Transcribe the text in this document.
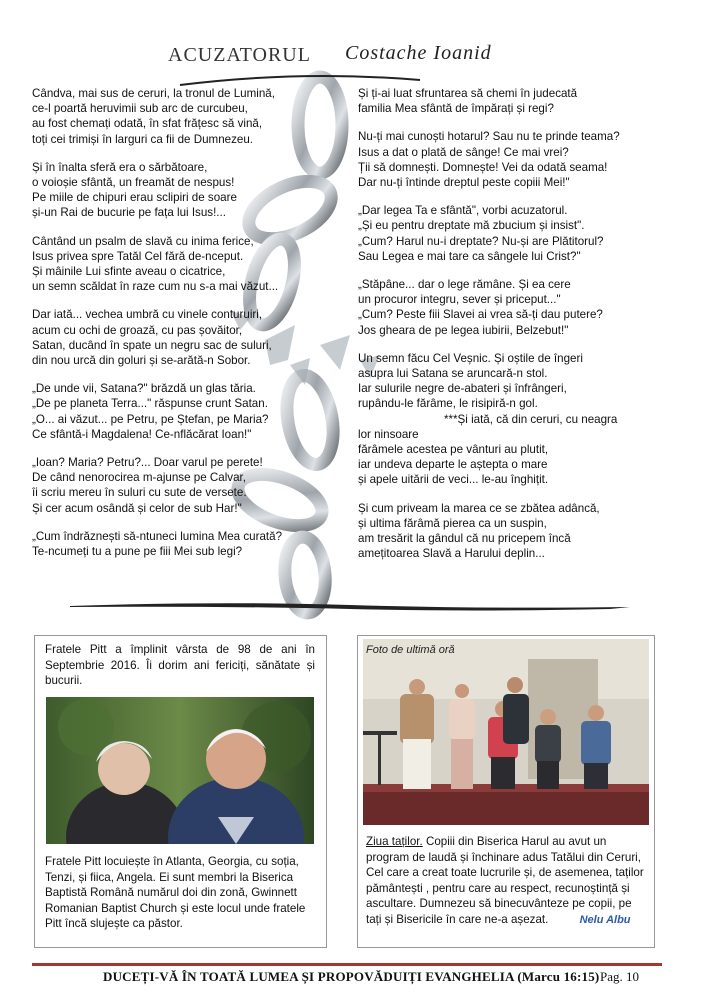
ACUZATORUL Costache Ioanid

Cândva, mai sus de ceruri, la tronul de Lumină,
ce-l poartă heruvimii sub arc de curcubeu,
au fost chemați odată, în sfat frățesc să vină,
toți cei trimiși în larguri ca fii de Dumnezeu.

Și în înalta sferă era o sărbătoare,
o voioșie sfântă, un freamăt de nespus!
Pe miile de chipuri erau sclipiri de soare
și-un Rai de bucurie pe fața lui Isus!...

Cântând un psalm de slavă cu inima ferice,
Isus privea spre Tatăl Cel fără de-nceput.
Și mâinile Lui sfinte aveau o cicatrice,
un semn scăldat în raze cum nu s-a mai văzut...

Dar iată... vechea umbră cu vinele conturuiri,
acum cu ochi de groază, cu pas șovăitor,
Satan, ducând în spate un negru sac de suluri,
din nou urcă din goluri și se-arătă-n Sobor.

„De unde vii, Satana?" brăzdă un glas tăria.
„De pe planeta Terra..." răspunse crunt Satan.
„O... ai văzut... pe Petru, pe Ștefan, pe Maria?
Ce sfântă-i Magdalena! Ce-nflăcărat Ioan!"

„Ioan? Maria? Petru?... Doar varul pe perete!
De când nenorocirea m-ajunse pe Calvar,
îi scriu mereu în suluri cu sute de versete.
Și cer acum osândă și celor de sub Har!"

„Cum îndrăznești să-ntuneci lumina Mea curată?
Te-ncumeți tu a pune pe fiii Mei sub legi?

Și ți-ai luat sfruntarea să chemi în judecată
familia Mea sfântă de împărați și regi?

Nu-ți mai cunoști hotarul? Sau nu te prinde teama?
Isus a dat o plată de sânge! Ce mai vrei?
Ții să domnești. Domnește! Vei da odată seama!
Dar nu-ți întinde dreptul peste copiii Mei!"

„Dar legea Ta e sfântă", vorbi acuzatorul.
„Și eu pentru dreptate mă zbucium și insist".
„Cum? Harul nu-i dreptate? Nu-și are Plătitorul?
Sau Legea e mai tare ca sângele lui Crist?"

„Stăpâne... dar o lege rămâne. Și ea cere
un procuror integru, sever și priceput..."
„Cum? Peste fiii Slavei ai vrea să-ți dau putere?
Jos gheara de pe legea iubirii, Belzebut!"

Un semn făcu Cel Veșnic. Și oștile de îngeri
asupra lui Satana se aruncară-n stol.
Iar sulurile negre de-abateri și înfrângeri,
rupându-le fărâme, le risipiră-n gol.
***Și iată, că din ceruri, cu neagra

lor ninsoare
fărâmele acestea pe vânturi au plutit,
iar undeva departe le aștepta o mare
și apele uitării de veci... le-au înghițit.

Și cum priveam la marea ce se zbătea adâncă,
și ultima fărâmă pierea ca un suspin,
am tresărit la gândul că nu pricepem încă
amețitoarea Slavă a Harului deplin...

Fratele Pitt a împlinit vârsta de 98 de ani în Septembrie 2016. Îi dorim ani fericiți, sănătate și bucurii.
Fratele Pitt locuiește în Atlanta, Georgia, cu soția, Tenzi, și fiica, Angela. Ei sunt membri la Biserica Baptistă Română numărul doi din zonă, Gwinnett Romanian Baptist Church și este locul unde fratele Pitt încă slujește ca păstor.
Foto de ultimă oră
Ziua taților. Copiii din Biserica Harul au avut un program de laudă și închinare adus Tatălui din Ceruri, Cel care a creat toate lucrurile și, de asemenea, taților pământești , pentru care au respect, recunoștință și ascultare. Dumnezeu să binecuvânteze pe copii, pe tați și Bisericile în care ne-a așezat.	Nelu Albu
DUCEȚI-VĂ ÎN TOATĂ LUMEA ȘI PROPOVĂDUIȚI EVANGHELIA (Marcu 16:15) Pag. 10
